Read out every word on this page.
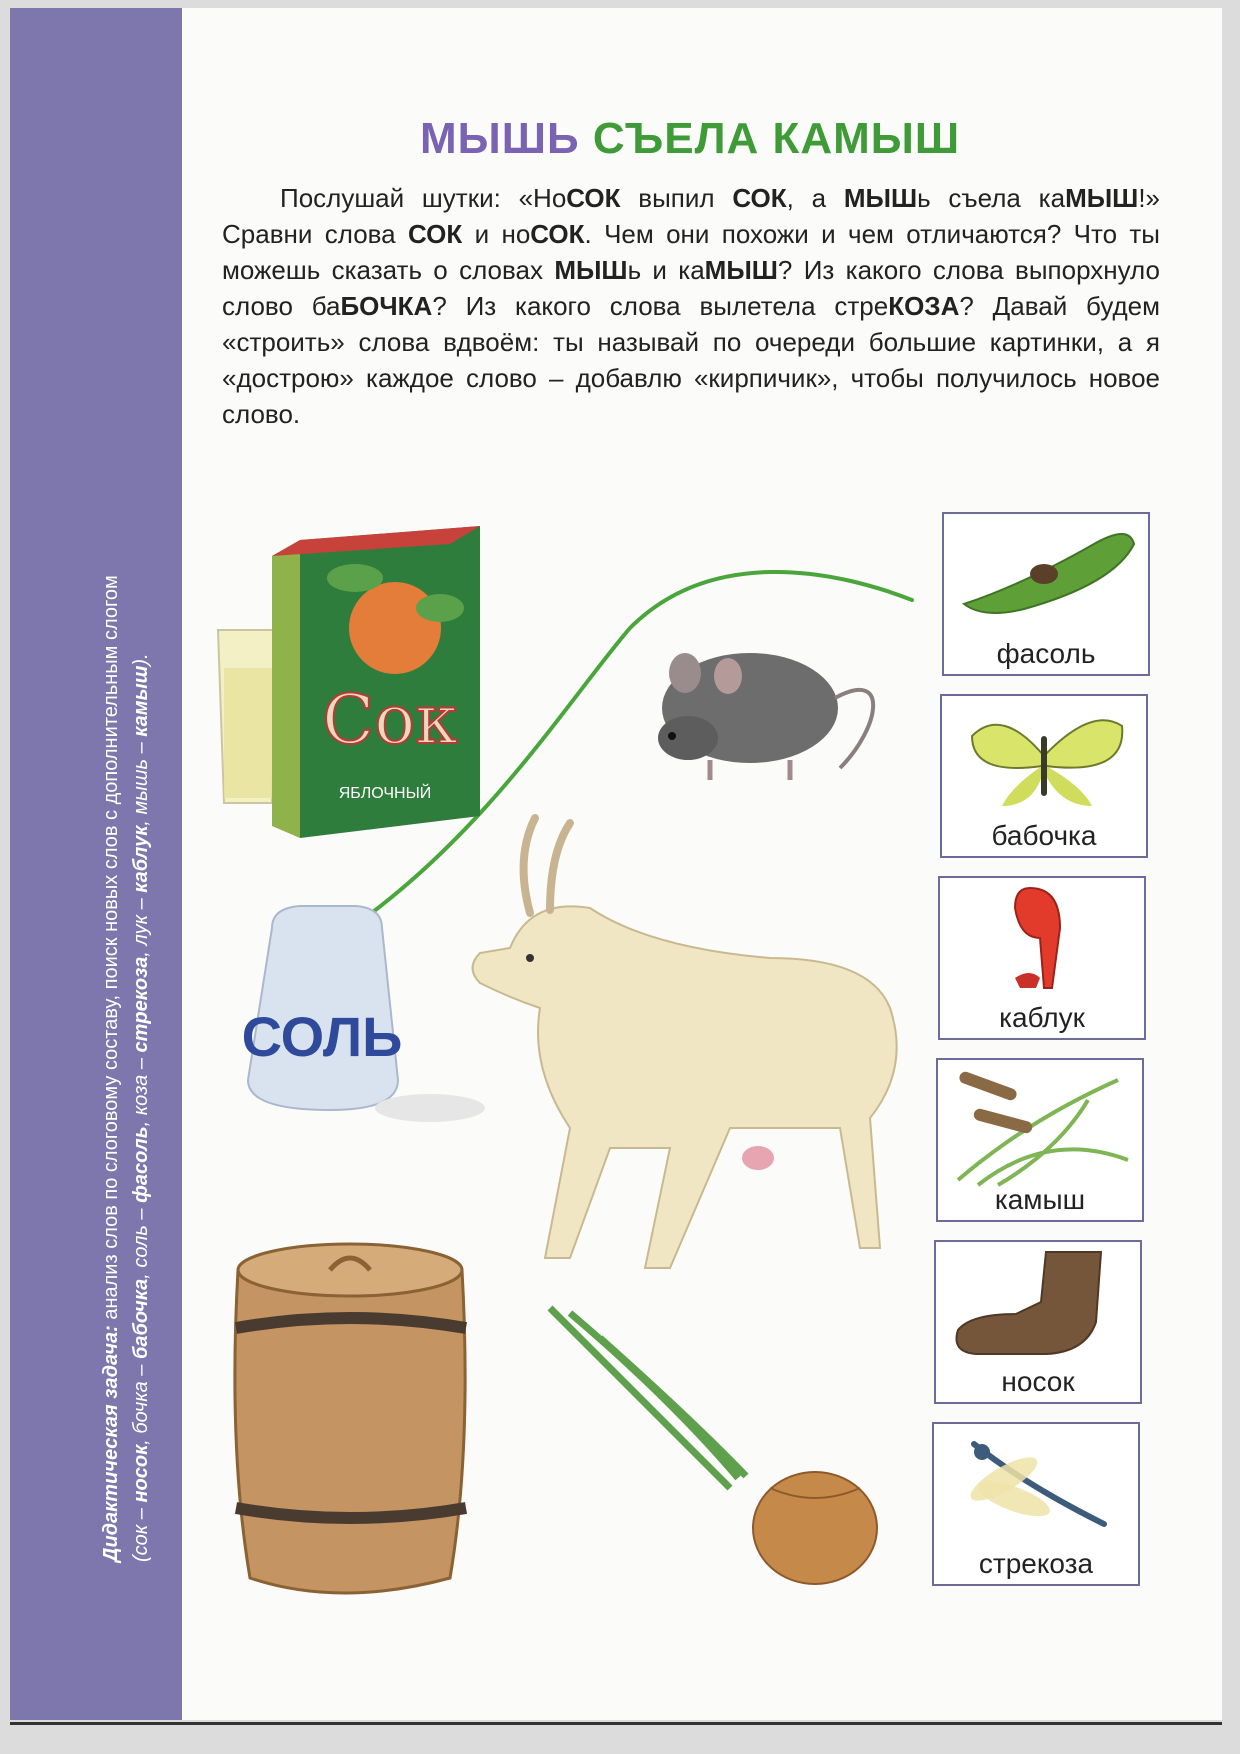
Дидактическая задача: анализ слов по слоговому составу, поиск новых слов с дополнительным слогом
(сок – носок, бочка – бабочка, соль – фасоль, коза – стрекоза, лук – каблук, мышь – камыш).
МЫШЬ СЪЕЛА КАМЫШ

Послушай шутки: «НоСОК выпил СОК, а МЫШь съела каМЫШ!» Сравни слова СОК и ноСОК. Чем они похожи и чем отличаются? Что ты можешь сказать о словах МЫШь и каМЫШ? Из какого слова выпорхнуло слово баБОЧКА? Из какого слова вылетела стреКОЗА? Давай будем «строить» слова вдвоём: ты называй по очереди большие картинки, а я «дострою» каждое слово – добавлю «кирпичик», чтобы получилось новое слово.

Сок
ЯБЛОЧНЫЙ
СОЛЬ
фасоль
бабочка
каблук
камыш
носок
стрекоза
